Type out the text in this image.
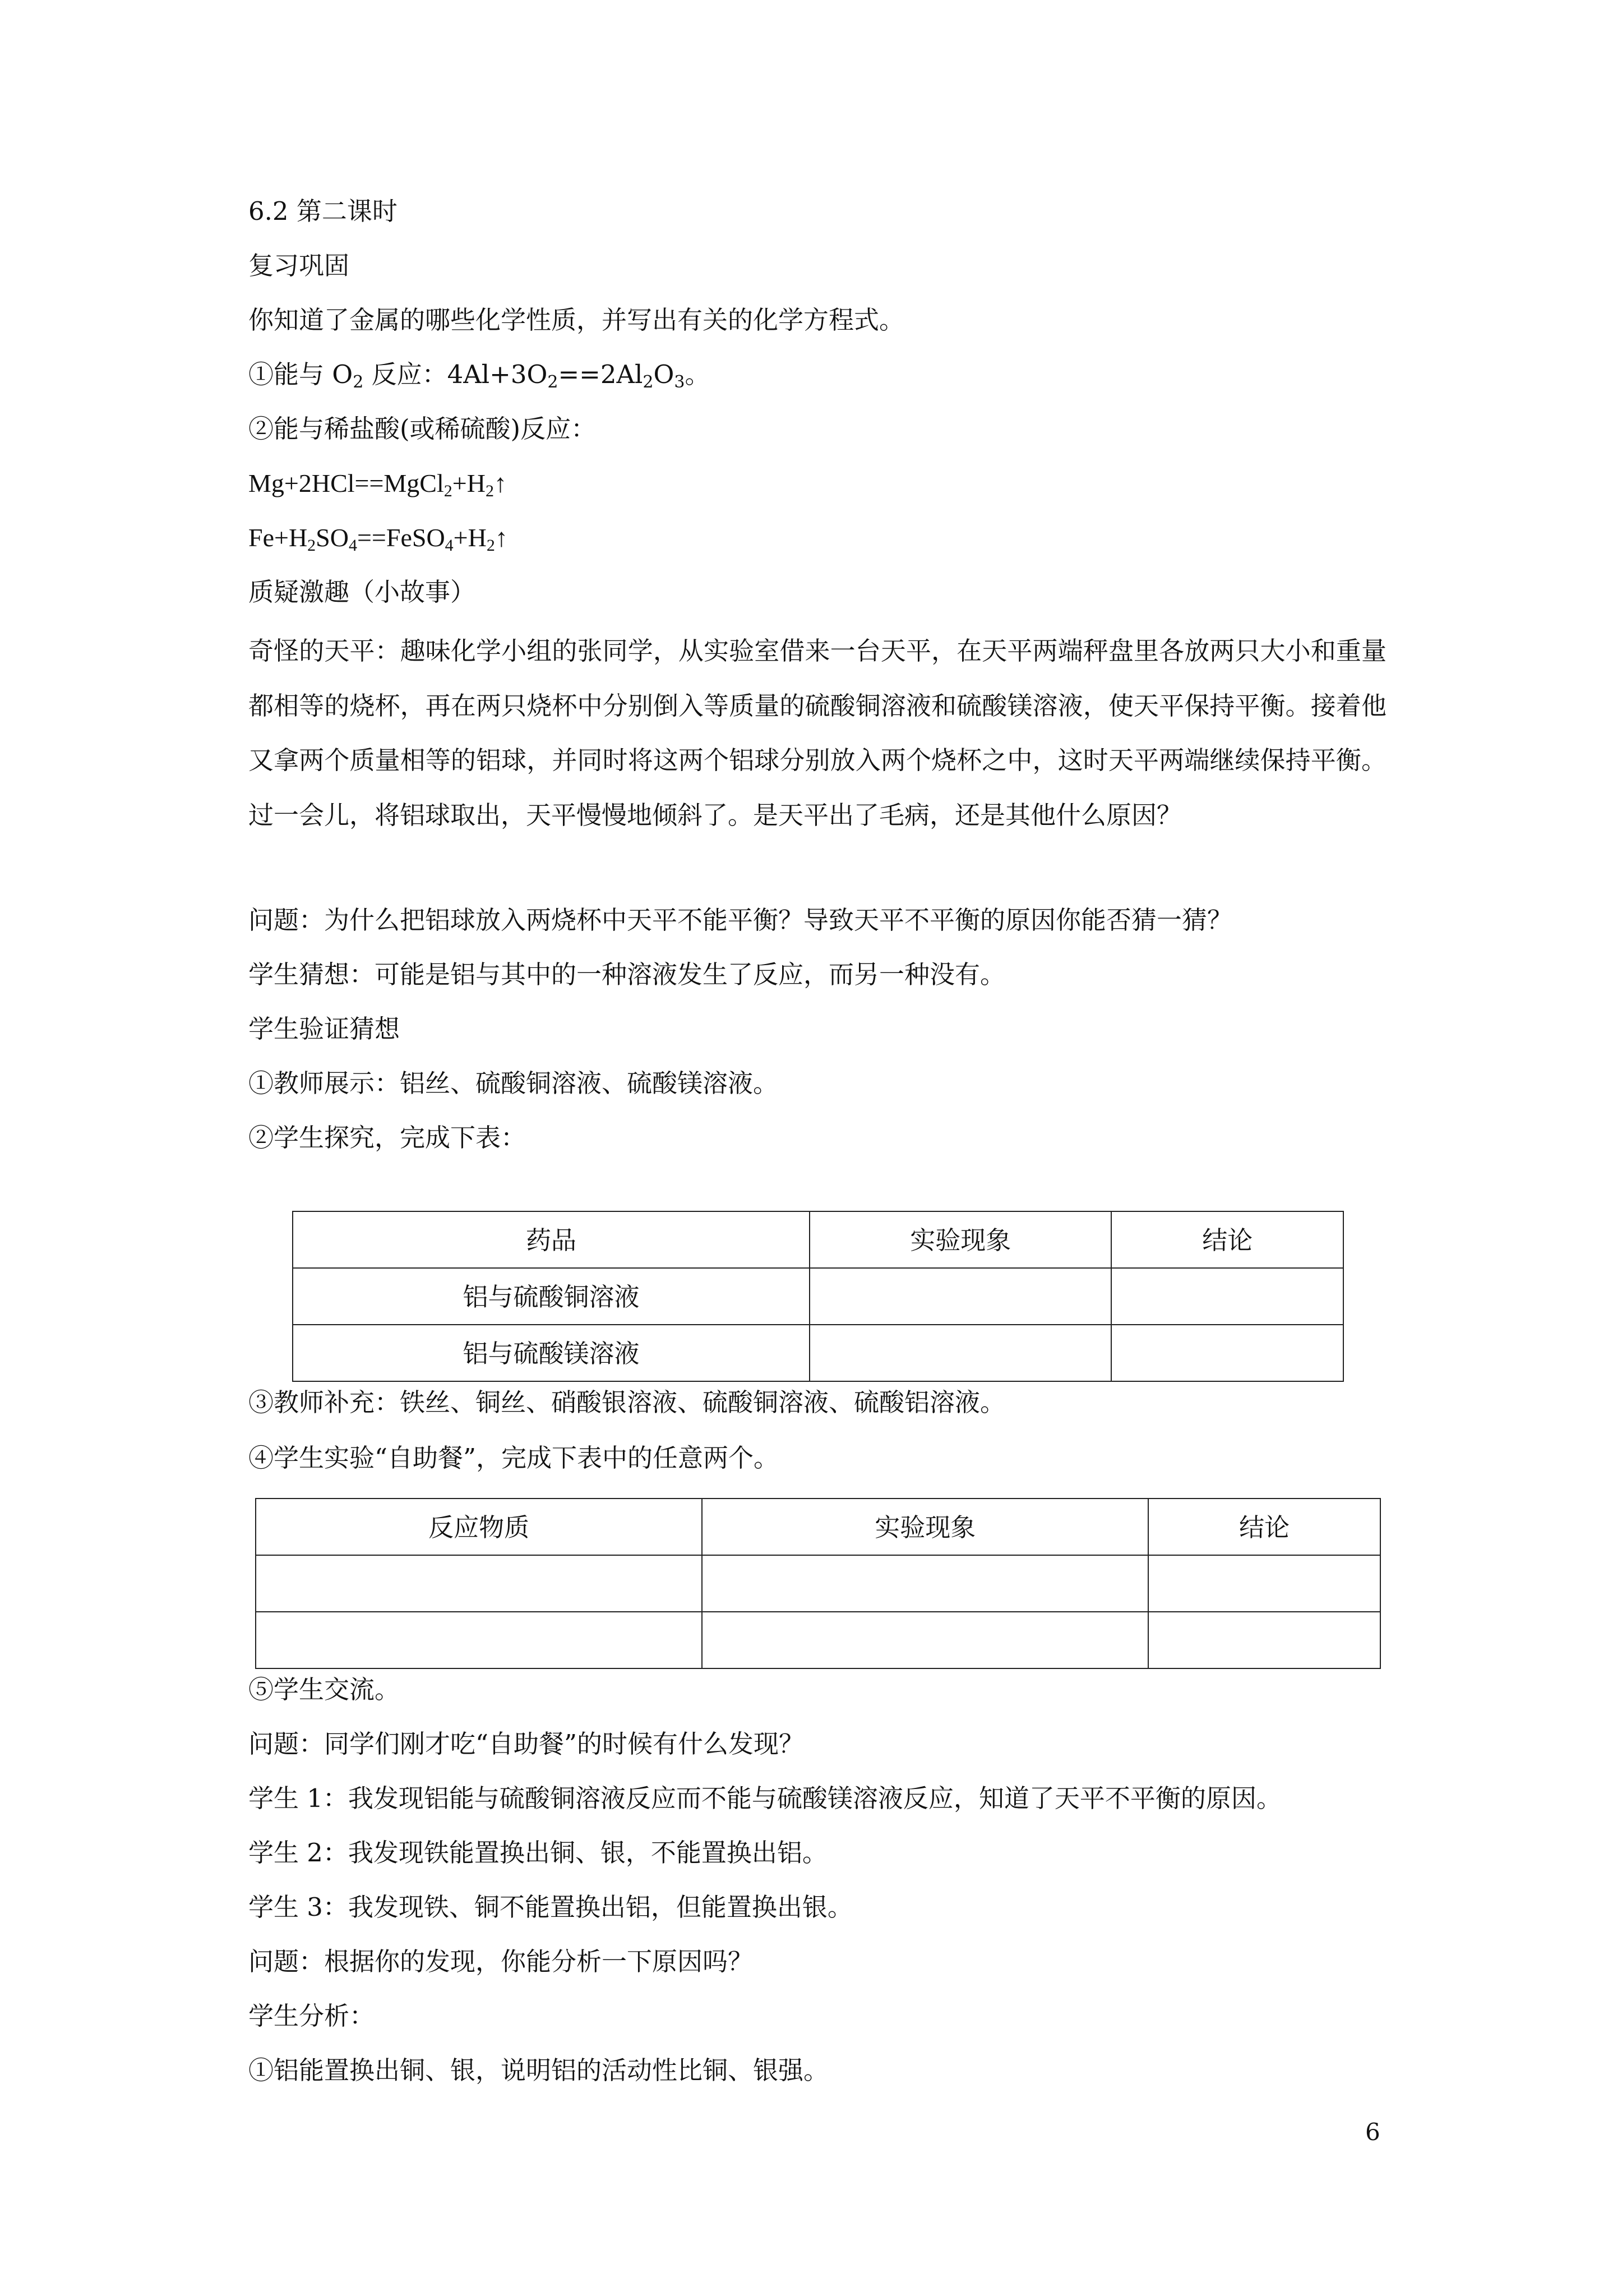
6.2 第二课时
复习巩固
你知道了金属的哪些化学性质，并写出有关的化学方程式。
①能与 $O_2$ 反应：$4Al+3O_2==2Al_2O_3$。
②能与稀盐酸(或稀硫酸)反应：
$Mg+2HCl==MgCl_2+H_2↑$
$Fe+H_2SO_4==FeSO_4+H_2↑$
质疑激趣（小故事）
奇怪的天平：趣味化学小组的张同学，从实验室借来一台天平，在天平两端秤盘里各放两只大小和重量都相等的烧杯，再在两只烧杯中分别倒入等质量的硫酸铜溶液和硫酸镁溶液，使天平保持平衡。接着他又拿两个质量相等的铝球，并同时将这两个铝球分别放入两个烧杯之中，这时天平两端继续保持平衡。过一会儿，将铝球取出，天平慢慢地倾斜了。是天平出了毛病，还是其他什么原因？
问题：为什么把铝球放入两烧杯中天平不能平衡？导致天平不平衡的原因你能否猜一猜？
学生猜想：可能是铝与其中的一种溶液发生了反应，而另一种没有。
学生验证猜想
①教师展示：铝丝、硫酸铜溶液、硫酸镁溶液。
②学生探究，完成下表：
药品	实验现象	结论
铝与硫酸铜溶液		
铝与硫酸镁溶液		
③教师补充：铁丝、铜丝、硝酸银溶液、硫酸铜溶液、硫酸铝溶液。
④学生实验“自助餐”，完成下表中的任意两个。
反应物质	实验现象	结论

⑤学生交流。
问题：同学们刚才吃“自助餐”的时候有什么发现？
学生 1：我发现铝能与硫酸铜溶液反应而不能与硫酸镁溶液反应，知道了天平不平衡的原因。
学生 2：我发现铁能置换出铜、银，不能置换出铝。
学生 3：我发现铁、铜不能置换出铝，但能置换出银。
问题：根据你的发现，你能分析一下原因吗？
学生分析：
①铝能置换出铜、银，说明铝的活动性比铜、银强。
6
